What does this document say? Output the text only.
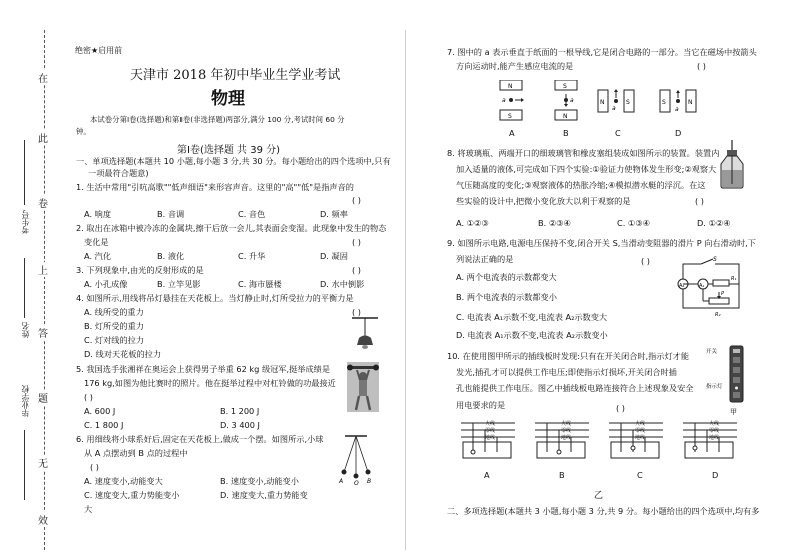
在
此
卷
上
答
题
无
效
考生号
姓名
毕业学校
绝密★启用前
天津市 2018 年初中毕业生学业考试
物理
本试卷分第Ⅰ卷(选择题)和第Ⅱ卷(非选择题)两部分,满分 100 分,考试时间 60 分
钟。
第Ⅰ卷(选择题 共 39 分)
一、单项选择题(本题共 10 小题,每小题 3 分,共 30 分。每小题给出的四个选项中,只有
一项最符合题意)
1. 生活中常用"引吭高歌""低声细语"来形容声音。这里的"高""低"是指声音的
( )
A. 响度	B. 音调	C. 音色	D. 频率
2. 取出在冰箱中被冷冻的金属块,擦干后放一会儿,其表面会变湿。此现象中发生的物态
变化是	( )
A. 汽化	B. 液化	C. 升华	D. 凝固
3. 下列现象中,由光的反射形成的是	( )
A. 小孔成像	B. 立竿见影	C. 海市蜃楼	D. 水中倒影
4. 如图所示,用线将吊灯悬挂在天花板上。当灯静止时,灯所受拉力的平衡力是
( )
A. 线所受的重力
B. 灯所受的重力
C. 灯对线的拉力
D. 线对天花板的拉力
5. 我国选手张湘祥在奥运会上获得男子举重 62 kg 级冠军,挺举成绩是
176 kg,如图为他比赛时的照片。他在挺举过程中对杠铃做的功最接近
( )
A. 600 J	B. 1 200 J
C. 1 800 J	D. 3 400 J
6. 用细线将小球系好后,固定在天花板上,做成一个摆。如图所示,小球
从 A 点摆动到 B 点的过程中
( )
A. 速度变小,动能变大	B. 速度变小,动能变小
C. 速度变大,重力势能变小	D. 速度变大,重力势能变
大
A O B
7. 图中的 a 表示垂直于纸面的一根导线,它是闭合电路的一部分。当它在磁场中按箭头
方向运动时,能产生感应电流的是	( )
N
S
a
S
N
a	N	S
a
S	N
a
A	B	C	D
8. 将玻璃瓶、两端开口的细玻璃管和橡皮塞组装成如图所示的装置。装置内
加入适量的液体,可完成如下四个实验:①验证力使物体发生形变;②观察大
气压随高度的变化;③观察液体的热胀冷缩;④模拟潜水艇的浮沉。在这
些实验的设计中,把微小变化放大以利于观察的是	( )
A. ①②③	B. ②③④	C. ①③④	D. ①②④
9. 如图所示电路,电源电压保持不变,闭合开关 S,当滑动变阻器的滑片 P 向右滑动时,下
列说法正确的是	( )
A. 两个电流表的示数都变大
B. 两个电流表的示数都变小
C. 电流表 A₁示数不变,电流表 A₂示数变大
D. 电流表 A₁示数不变,电流表 A₂示数变小
S
A₂	A₁
R₁
P
R₂
10. 在使用图甲所示的插线板时发现:只有在开关闭合时,指示灯才能
发光,插孔才可以提供工作电压;即使指示灯损坏,开关闭合时插
孔也能提供工作电压。图乙中插线板电路连接符合上述现象及安全
用电要求的是	( )
开关
指示灯
甲
火线
零线
地线
火线
零线
地线
火线
零线
地线
火线
零线
地线
A	B	C	D
乙
二、多项选择题(本题共 3 小题,每小题 3 分,共 9 分。每小题给出的四个选项中,均有多
